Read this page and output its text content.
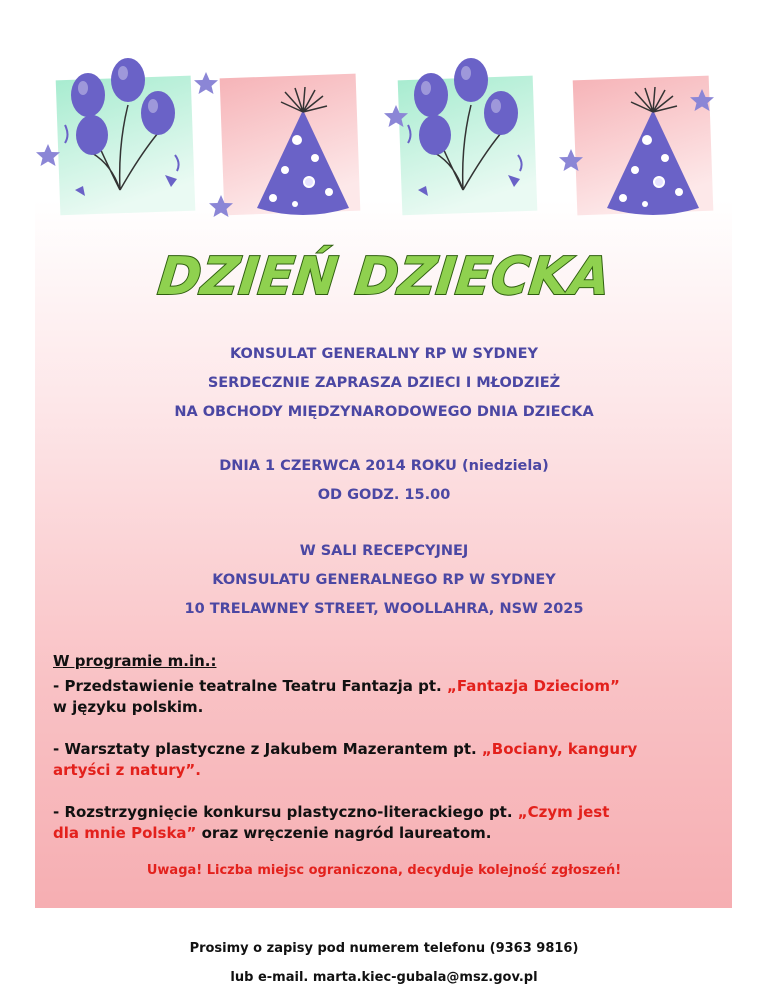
DZIEŃ DZIECKA
KONSULAT GENERALNY RP W SYDNEY
SERDECZNIE ZAPRASZA DZIECI I MŁODZIEŻ
NA OBCHODY MIĘDZYNARODOWEGO DNIA DZIECKA
DNIA 1 CZERWCA 2014 ROKU (niedziela)
OD GODZ. 15.00
W SALI RECEPCYJNEJ
KONSULATU GENERALNEGO RP W SYDNEY
10 TRELAWNEY STREET, WOOLLAHRA, NSW 2025

W programie m.in.:

- Przedstawienie teatralne Teatru Fantazja pt. „Fantazja Dzieciom”
w języku polskim.

- Warsztaty plastyczne z Jakubem Mazerantem pt. „Bociany, kangury
artyści z natury”.

- Rozstrzygnięcie konkursu plastyczno-literackiego pt. „Czym jest
dla mnie Polska” oraz wręczenie nagród laureatom.

Uwaga! Liczba miejsc ograniczona, decyduje kolejność zgłoszeń!
Prosimy o zapisy pod numerem telefonu (9363 9816)
lub e-mail. marta.kiec-gubala@msz.gov.pl
